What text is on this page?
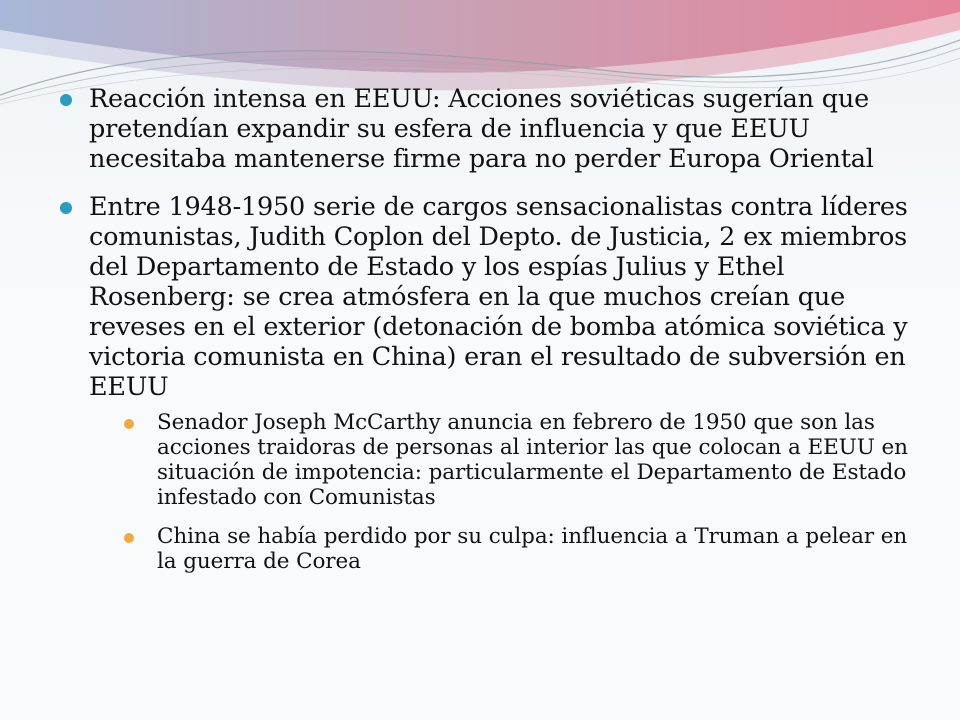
Reacción intensa en EEUU: Acciones soviéticas sugerían que pretendían expandir su esfera de influencia y que EEUU necesitaba mantenerse firme para no perder Europa Oriental
Entre 1948-1950 serie de cargos sensacionalistas contra líderes comunistas, Judith Coplon del Depto. de Justicia, 2 ex miembros del Departamento de Estado y los espías Julius y Ethel Rosenberg: se crea atmósfera en la que muchos creían que reveses en el exterior (detonación de bomba atómica soviética y victoria comunista en China) eran el resultado de subversión en EEUU
Senador Joseph McCarthy anuncia en febrero de 1950 que son las acciones traidoras de personas al interior las que colocan a EEUU en situación de impotencia: particularmente el Departamento de Estado infestado con Comunistas
China se había perdido por su culpa: influencia a Truman a pelear en la guerra de Corea
